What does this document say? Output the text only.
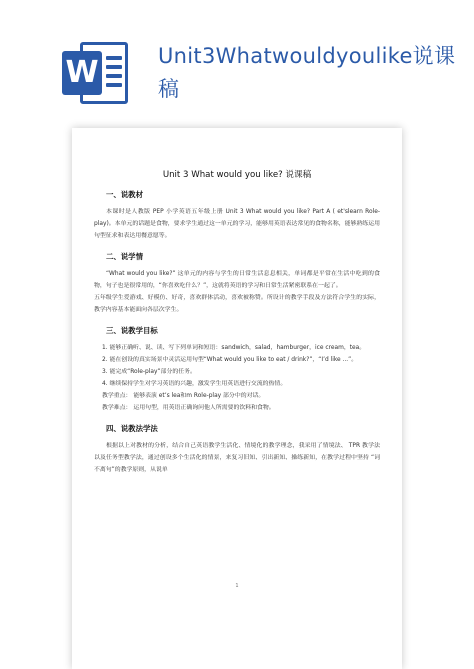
W	Unit3Whatwouldyoulike说课稿
Unit 3 What would you like? 说课稿
一、说教材

本课时是人教版 PEP 小学英语五年级上册 Unit 3 What would you like? Part A ( et'slearn Role-play)。本单元的话题是食物，要求学生通过这一单元的学习，能够用英语表达常见的食物名称，能够熟练运用句型征求和表达用餐意愿等。

二、说学情

“What would you like?” 这单元的内容与学生的日常生活息息相关，单词都是平常在生活中吃到的食物，句子也是很常用的，“你喜欢吃什么？”，这就将英语的学习和日常生活紧密联系在一起了。

五年级学生爱游戏、好模仿、好奇，喜欢群体活动，喜欢被称赞。所设计的教学手段及方法符合学生的实际，教学内容基本能面向各层次学生。

三、说教学目标

1. 能够正确听、说、读、写下列单词和短语：sandwich，salad，hamburger，ice cream，tea。

2. 能在创设的真实场景中灵活运用句型“What would you like to eat / drink?”，“I’d like ...”。

3. 能完成“Role-play”部分的任务。

4. 继续保持学生对学习英语的兴趣，激发学生用英语进行交流的热情。

教学重点： 能够表演 et’s lea和m Role-play 部分中的对话。

教学难点： 运用句型，用英语正确询问他人所需要的饮料和食物。

四、说教法学法

根据以上对教材的分析，结合自己英语教学生活化、情境化的教学理念，我采用了情境法、 TPR 教学法以及任务型教学法，通过创设多个生活化的情景，来复习旧知、引出新知、操练新知，在教学过程中坚持 “词不离句”的教学原则，从说单

1
